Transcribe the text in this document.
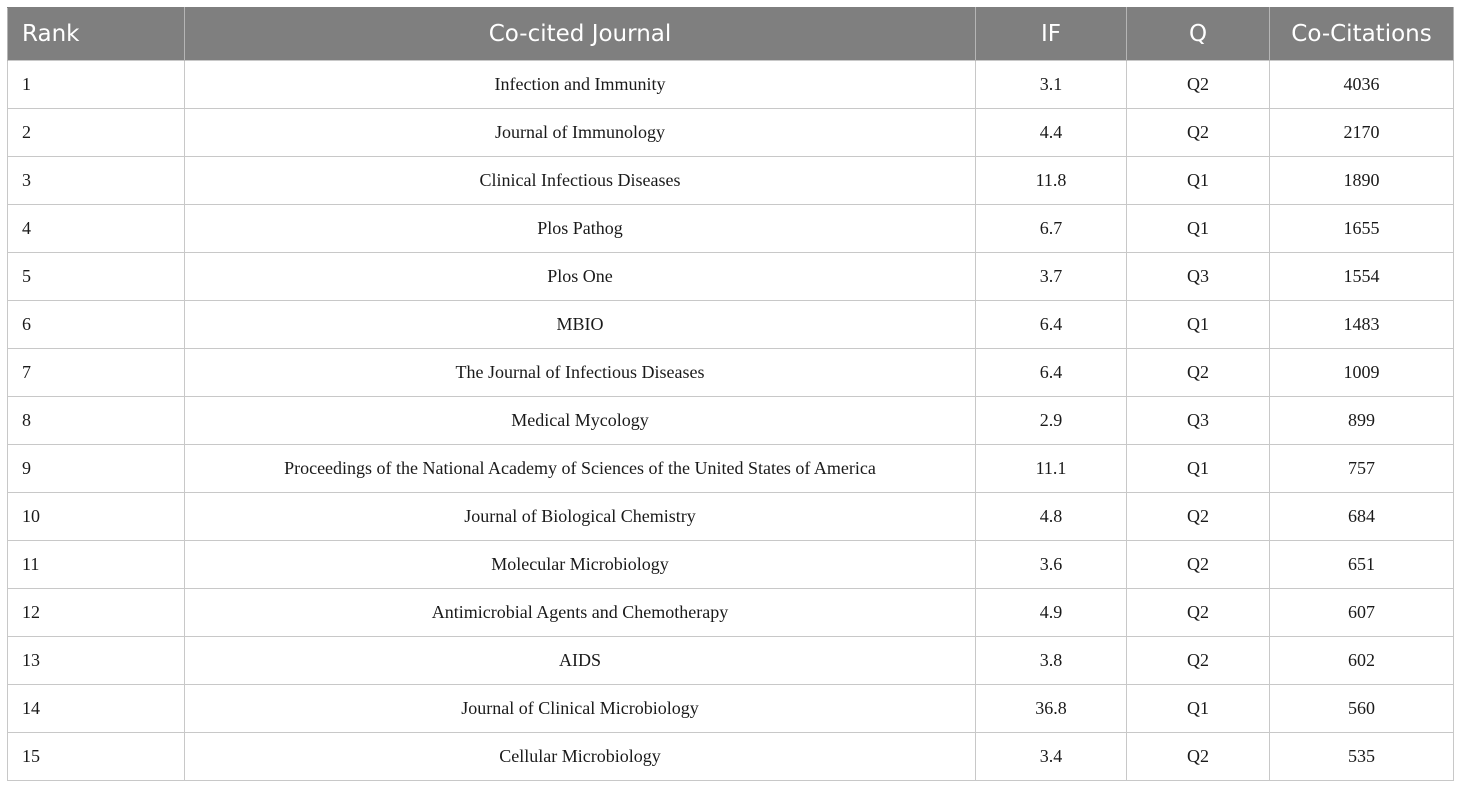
Rank	Co-cited Journal	IF	Q	Co-Citations
1	Infection and Immunity	3.1	Q2	4036
2	Journal of Immunology	4.4	Q2	2170
3	Clinical Infectious Diseases	11.8	Q1	1890
4	Plos Pathog	6.7	Q1	1655
5	Plos One	3.7	Q3	1554
6	MBIO	6.4	Q1	1483
7	The Journal of Infectious Diseases	6.4	Q2	1009
8	Medical Mycology	2.9	Q3	899
9	Proceedings of the National Academy of Sciences of the United States of America	11.1	Q1	757
10	Journal of Biological Chemistry	4.8	Q2	684
11	Molecular Microbiology	3.6	Q2	651
12	Antimicrobial Agents and Chemotherapy	4.9	Q2	607
13	AIDS	3.8	Q2	602
14	Journal of Clinical Microbiology	36.8	Q1	560
15	Cellular Microbiology	3.4	Q2	535
